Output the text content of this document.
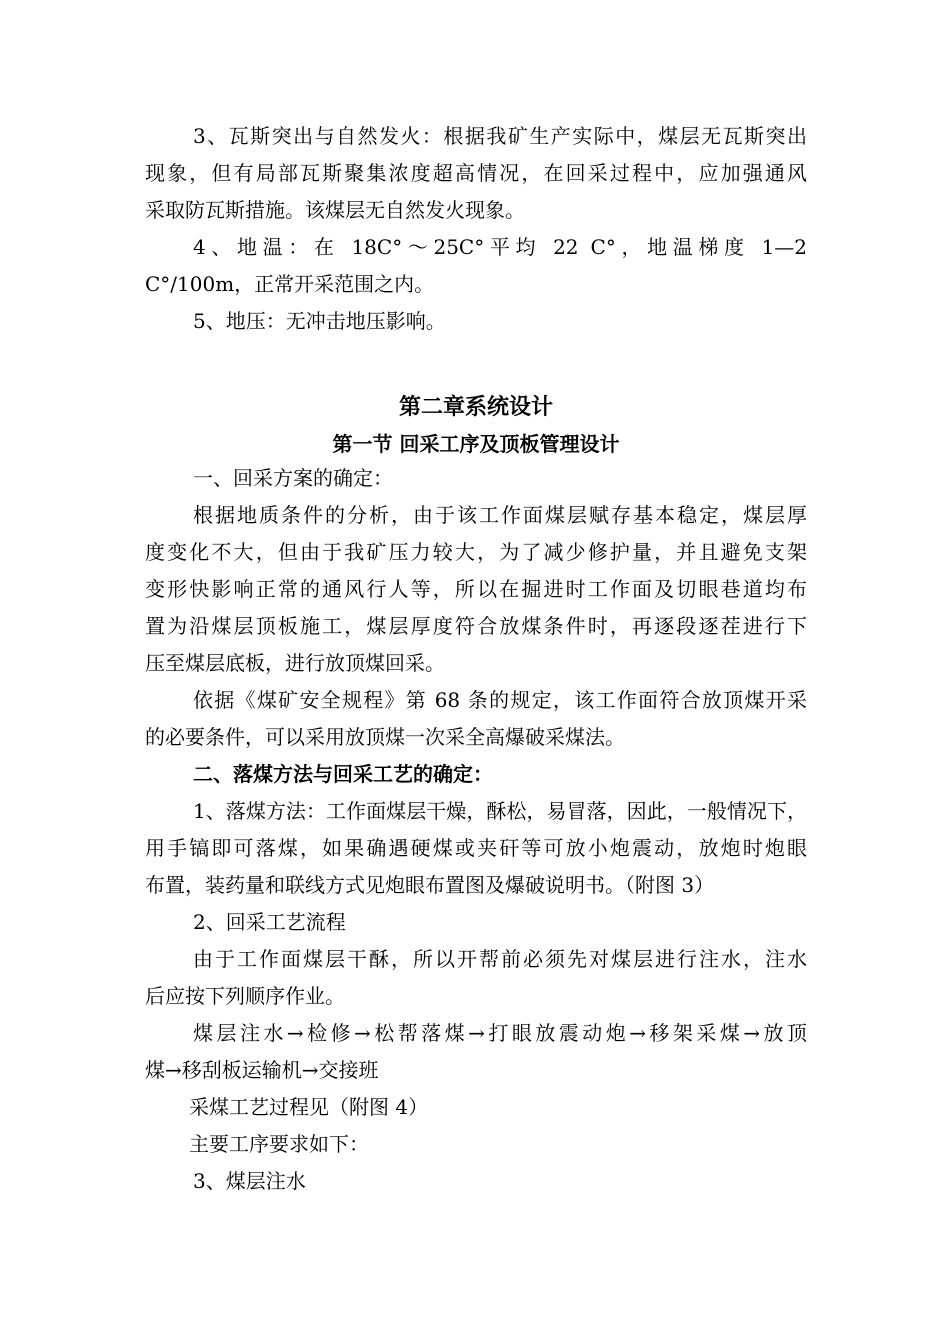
3、瓦斯突出与自然发火：根据我矿生产实际中，煤层无瓦斯突出
现象，但有局部瓦斯聚集浓度超高情况，在回采过程中，应加强通风
采取防瓦斯措施。该煤层无自然发火现象。
4、地温：在 18C°～25C°平均 22 C°，地温梯度 1—2
C°/100m，正常开采范围之内。
5、地压：无冲击地压影响。
第二章系统设计
第一节 回采工序及顶板管理设计
一、回采方案的确定：
根据地质条件的分析，由于该工作面煤层赋存基本稳定，煤层厚
度变化不大，但由于我矿压力较大，为了减少修护量，并且避免支架
变形快影响正常的通风行人等，所以在掘进时工作面及切眼巷道均布
置为沿煤层顶板施工，煤层厚度符合放煤条件时，再逐段逐茬进行下
压至煤层底板，进行放顶煤回采。
依据《煤矿安全规程》第 68 条的规定，该工作面符合放顶煤开采
的必要条件，可以采用放顶煤一次采全高爆破采煤法。
二、落煤方法与回采工艺的确定：
1、落煤方法：工作面煤层干燥，酥松，易冒落，因此，一般情况下，
用手镐即可落煤，如果确遇硬煤或夹矸等可放小炮震动，放炮时炮眼
布置，装药量和联线方式见炮眼布置图及爆破说明书。（附图 3）
2、回采工艺流程
由于工作面煤层干酥，所以开帮前必须先对煤层进行注水，注水
后应按下列顺序作业。
煤层注水→检修→松帮落煤→打眼放震动炮→移架采煤→放顶
煤→移刮板运输机→交接班
采煤工艺过程见（附图 4）
主要工序要求如下：
3、煤层注水
